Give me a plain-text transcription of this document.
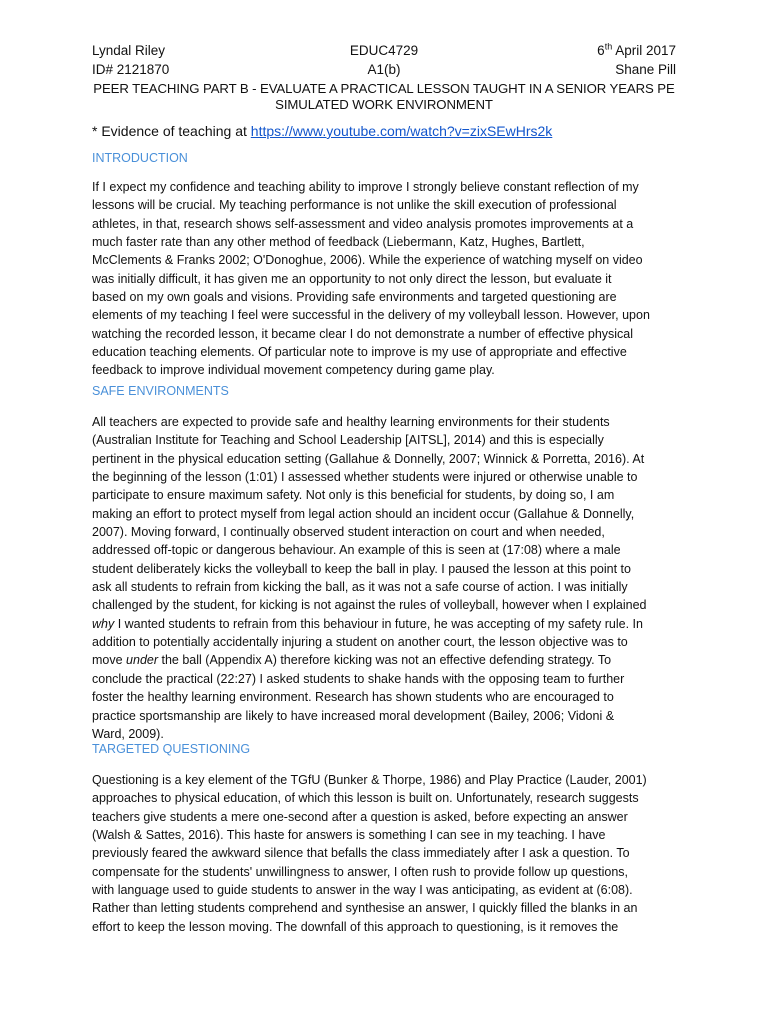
Lyndal Riley
ID# 2121870
EDUC4729
A1(b)
6th April 2017
Shane Pill
PEER TEACHING PART B - EVALUATE A PRACTICAL LESSON TAUGHT IN A SENIOR YEARS PE
SIMULATED WORK ENVIRONMENT
* Evidence of teaching at https://www.youtube.com/watch?v=zixSEwHrs2k
INTRODUCTION
If I expect my confidence and teaching ability to improve I strongly believe constant reflection of my
lessons will be crucial. My teaching performance is not unlike the skill execution of professional
athletes, in that, research shows self-assessment and video analysis promotes improvements at a
much faster rate than any other method of feedback (Liebermann, Katz, Hughes, Bartlett,
McClements & Franks 2002; O'Donoghue, 2006). While the experience of watching myself on video
was initially difficult, it has given me an opportunity to not only direct the lesson, but evaluate it
based on my own goals and visions. Providing safe environments and targeted questioning are
elements of my teaching I feel were successful in the delivery of my volleyball lesson. However, upon
watching the recorded lesson, it became clear I do not demonstrate a number of effective physical
education teaching elements. Of particular note to improve is my use of appropriate and effective
feedback to improve individual movement competency during game play.
SAFE ENVIRONMENTS
All teachers are expected to provide safe and healthy learning environments for their students
(Australian Institute for Teaching and School Leadership [AITSL], 2014) and this is especially
pertinent in the physical education setting (Gallahue & Donnelly, 2007; Winnick & Porretta, 2016). At
the beginning of the lesson (1:01) I assessed whether students were injured or otherwise unable to
participate to ensure maximum safety. Not only is this beneficial for students, by doing so, I am
making an effort to protect myself from legal action should an incident occur (Gallahue & Donnelly,
2007). Moving forward, I continually observed student interaction on court and when needed,
addressed off-topic or dangerous behaviour. An example of this is seen at (17:08) where a male
student deliberately kicks the volleyball to keep the ball in play. I paused the lesson at this point to
ask all students to refrain from kicking the ball, as it was not a safe course of action. I was initially
challenged by the student, for kicking is not against the rules of volleyball, however when I explained
why I wanted students to refrain from this behaviour in future, he was accepting of my safety rule. In
addition to potentially accidentally injuring a student on another court, the lesson objective was to
move under the ball (Appendix A) therefore kicking was not an effective defending strategy. To
conclude the practical (22:27) I asked students to shake hands with the opposing team to further
foster the healthy learning environment. Research has shown students who are encouraged to
practice sportsmanship are likely to have increased moral development (Bailey, 2006; Vidoni &
Ward, 2009).
TARGETED QUESTIONING
Questioning is a key element of the TGfU (Bunker & Thorpe, 1986) and Play Practice (Lauder, 2001)
approaches to physical education, of which this lesson is built on. Unfortunately, research suggests
teachers give students a mere one-second after a question is asked, before expecting an answer
(Walsh & Sattes, 2016). This haste for answers is something I can see in my teaching. I have
previously feared the awkward silence that befalls the class immediately after I ask a question. To
compensate for the students' unwillingness to answer, I often rush to provide follow up questions,
with language used to guide students to answer in the way I was anticipating, as evident at (6:08).
Rather than letting students comprehend and synthesise an answer, I quickly filled the blanks in an
effort to keep the lesson moving. The downfall of this approach to questioning, is it removes the
